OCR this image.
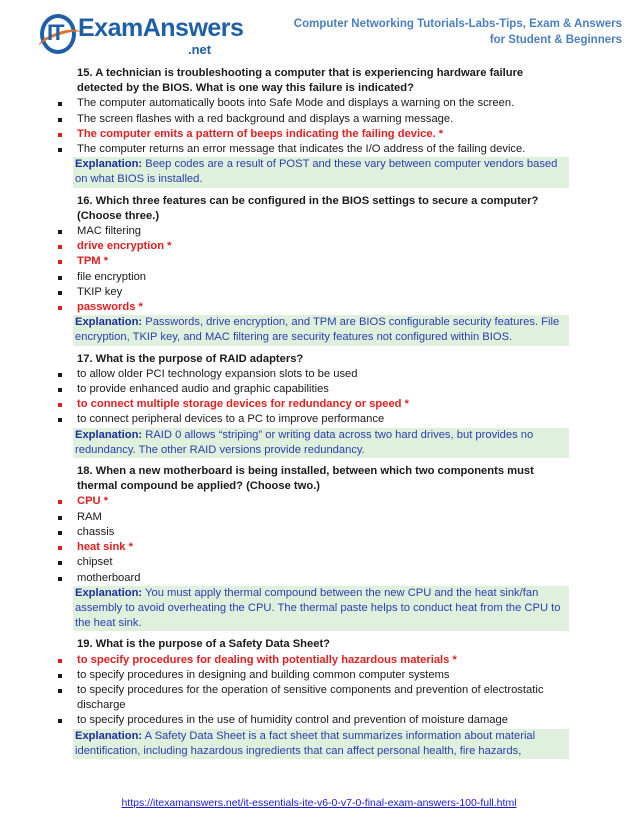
IT ExamAnswers
.net
Computer Networking Tutorials-Labs-Tips, Exam & Answers
for Student & Beginners
15. A technician is troubleshooting a computer that is experiencing hardware failure detected by the BIOS. What is one way this failure is indicated?
The computer automatically boots into Safe Mode and displays a warning on the screen.
The screen flashes with a red background and displays a warning message.
The computer emits a pattern of beeps indicating the failing device. *
The computer returns an error message that indicates the I/O address of the failing device.
Explanation: Beep codes are a result of POST and these vary between computer vendors based on what BIOS is installed.
16. Which three features can be configured in the BIOS settings to secure a computer? (Choose three.)
MAC filtering
drive encryption *
TPM *
file encryption
TKIP key
passwords *
Explanation: Passwords, drive encryption, and TPM are BIOS configurable security features. File encryption, TKIP key, and MAC filtering are security features not configured within BIOS.
17. What is the purpose of RAID adapters?
to allow older PCI technology expansion slots to be used
to provide enhanced audio and graphic capabilities
to connect multiple storage devices for redundancy or speed *
to connect peripheral devices to a PC to improve performance
Explanation: RAID 0 allows “striping” or writing data across two hard drives, but provides no redundancy. The other RAID versions provide redundancy.
18. When a new motherboard is being installed, between which two components must thermal compound be applied? (Choose two.)
CPU *
RAM
chassis
heat sink *
chipset
motherboard
Explanation: You must apply thermal compound between the new CPU and the heat sink/fan assembly to avoid overheating the CPU. The thermal paste helps to conduct heat from the CPU to the heat sink.
19. What is the purpose of a Safety Data Sheet?
to specify procedures for dealing with potentially hazardous materials *
to specify procedures in designing and building common computer systems
to specify procedures for the operation of sensitive components and prevention of electrostatic discharge
to specify procedures in the use of humidity control and prevention of moisture damage
Explanation: A Safety Data Sheet is a fact sheet that summarizes information about material identification, including hazardous ingredients that can affect personal health, fire hazards,
https://itexamanswers.net/it-essentials-ite-v6-0-v7-0-final-exam-answers-100-full.html
